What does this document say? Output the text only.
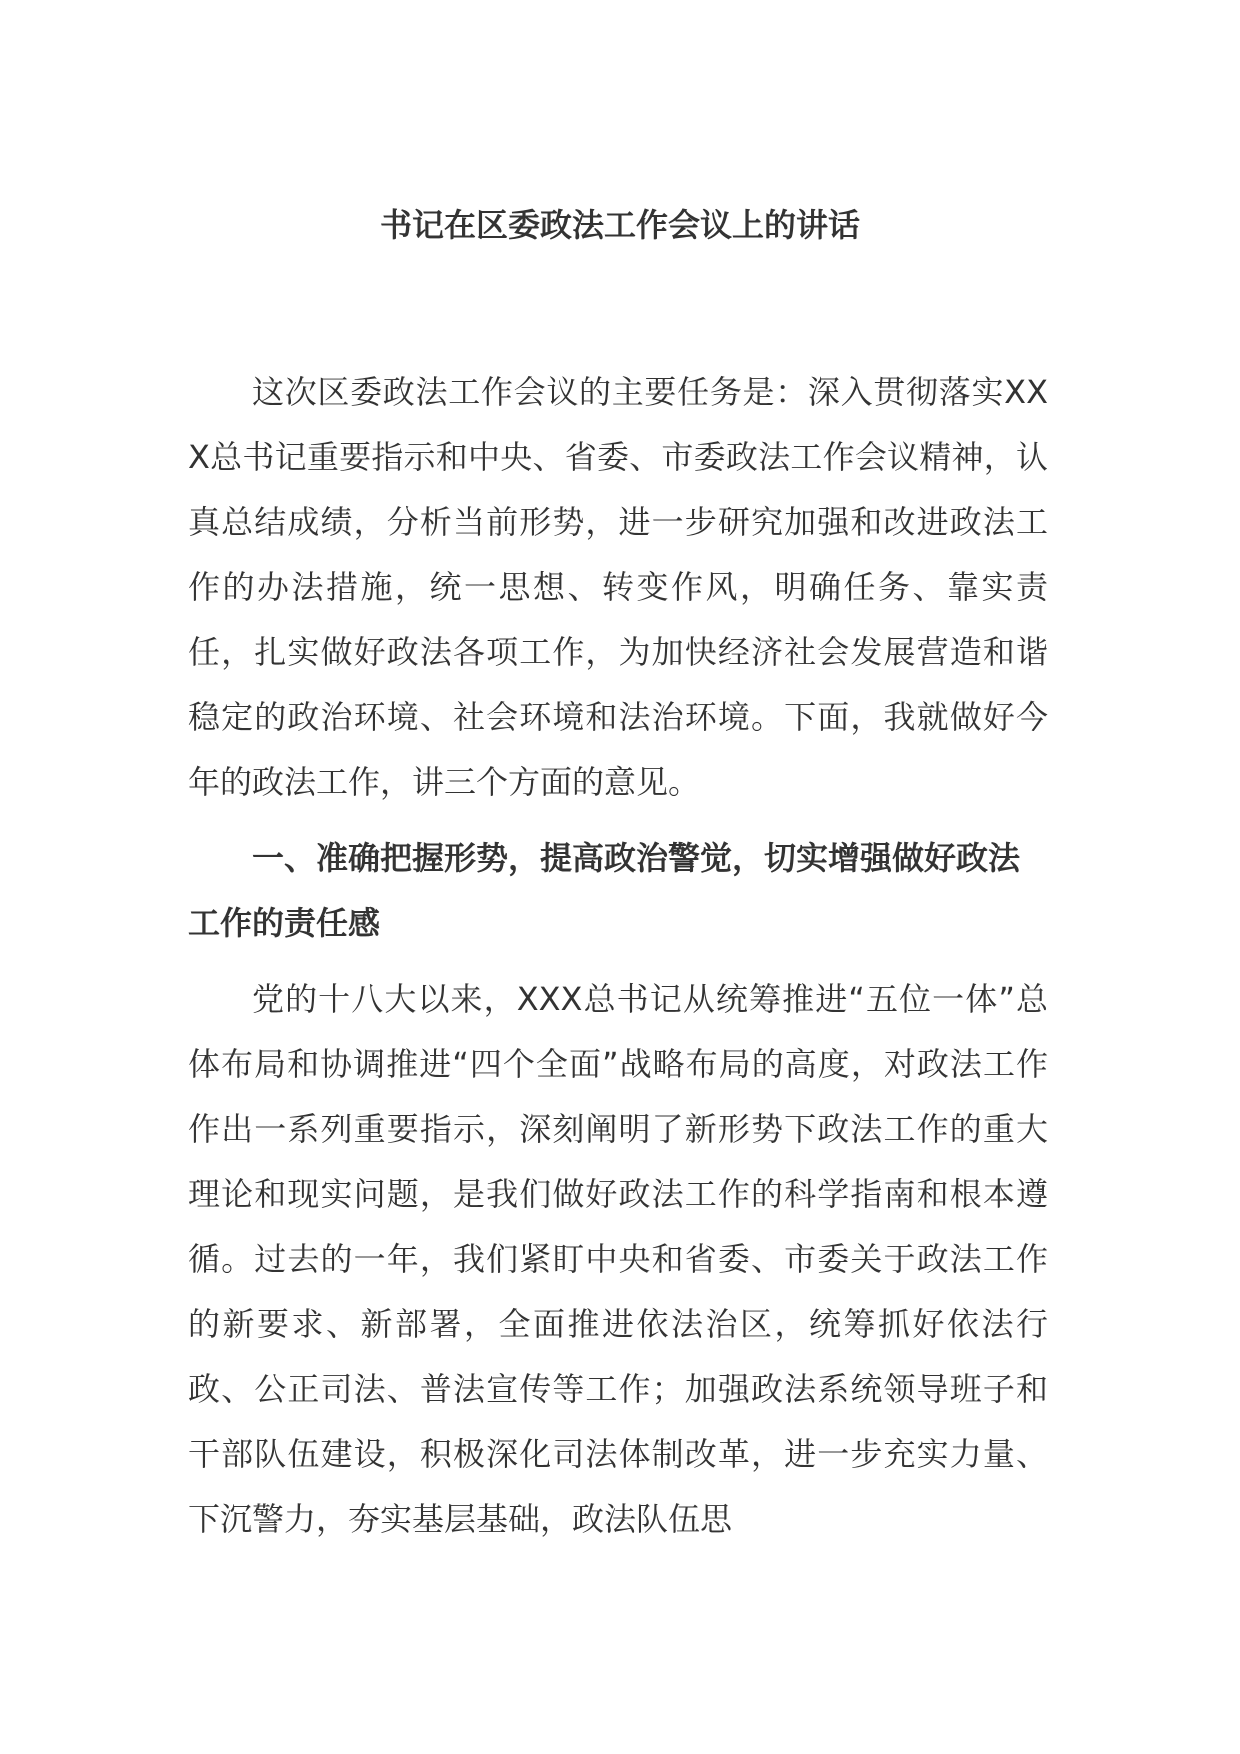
书记在区委政法工作会议上的讲话

这次区委政法工作会议的主要任务是：深入贯彻落实XXX总书记重要指示和中央、省委、市委政法工作会议精神，认真总结成绩，分析当前形势，进一步研究加强和改进政法工作的办法措施，统一思想、转变作风，明确任务、靠实责任，扎实做好政法各项工作，为加快经济社会发展营造和谐稳定的政治环境、社会环境和法治环境。下面，我就做好今年的政法工作，讲三个方面的意见。

一、准确把握形势，提高政治警觉，切实增强做好政法工作的责任感

党的十八大以来，XXX总书记从统筹推进“五位一体”总体布局和协调推进“四个全面”战略布局的高度，对政法工作作出一系列重要指示，深刻阐明了新形势下政法工作的重大理论和现实问题，是我们做好政法工作的科学指南和根本遵循。过去的一年，我们紧盯中央和省委、市委关于政法工作的新要求、新部署，全面推进依法治区，统筹抓好依法行政、公正司法、普法宣传等工作；加强政法系统领导班子和干部队伍建设，积极深化司法体制改革，进一步充实力量、下沉警力，夯实基层基础，政法队伍思
